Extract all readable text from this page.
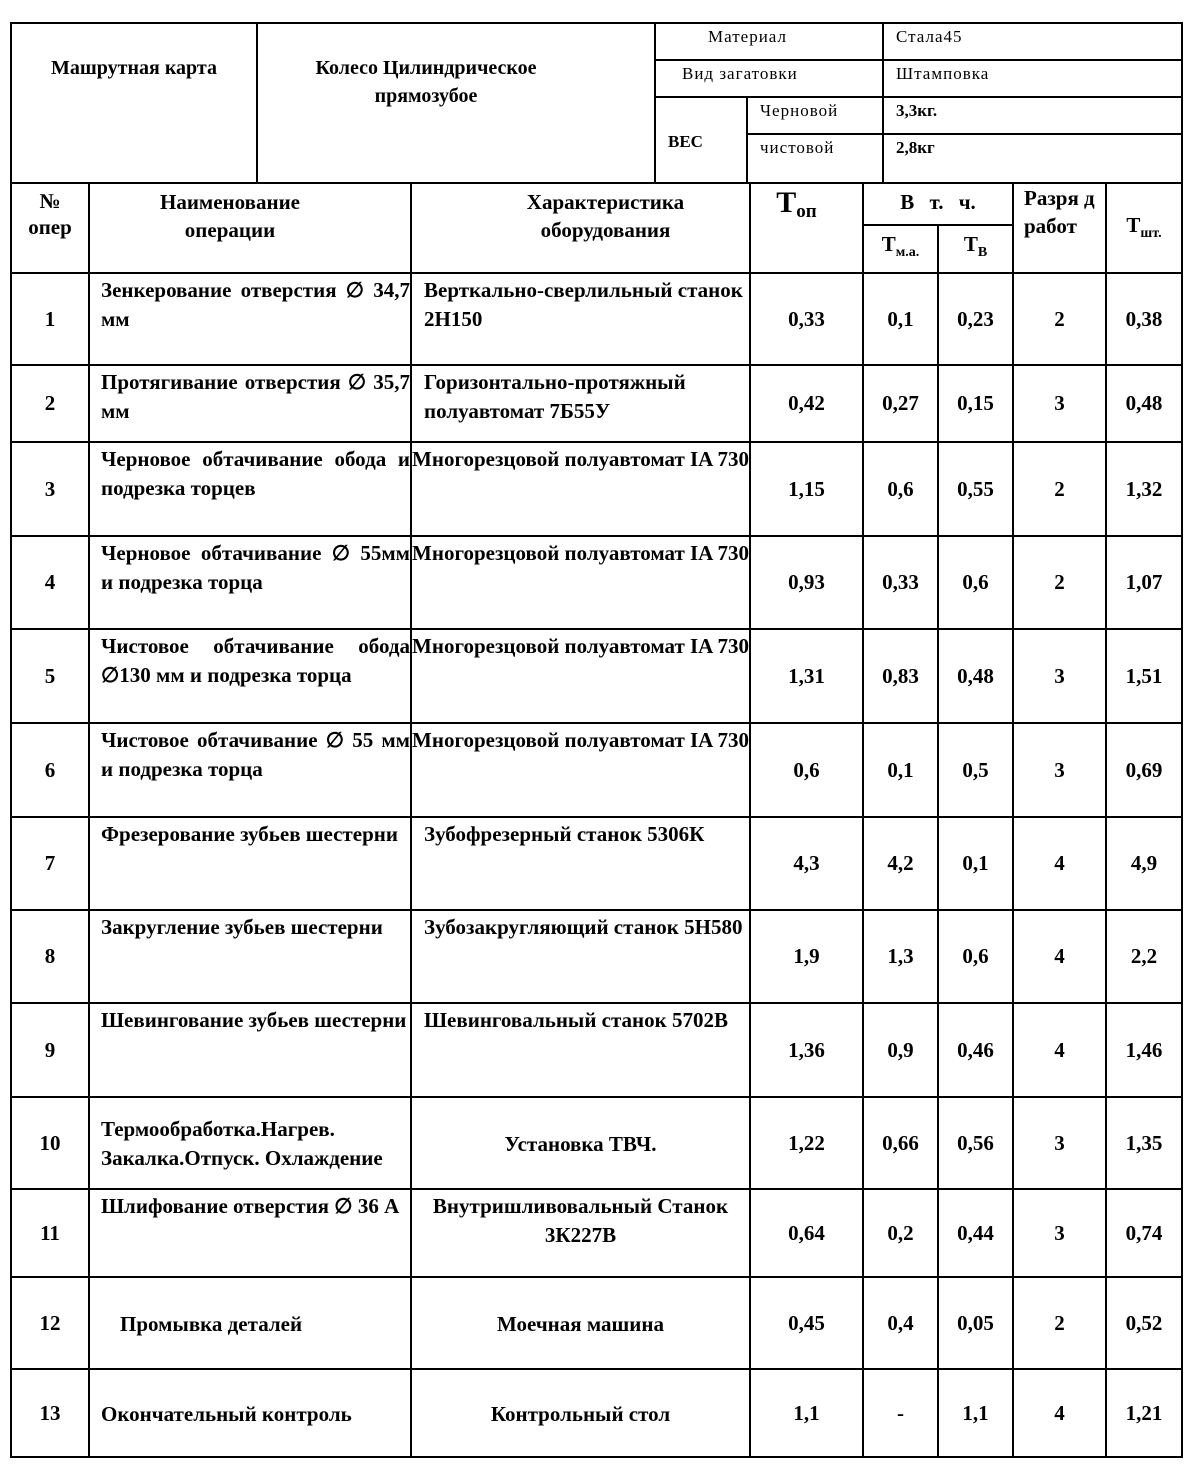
Машрутная карта	Колесо Цилиндрическое прямозубое	Материал		Стала45
		Вид загатовки		Штамповка
		ВЕС	Черновой	3,3кг.
			чистовой	2,8кг
№
опер	Наименование операции	Характеристика оборудования	$Т_{оп}$	В т. ч.		Разря д работ	$Т_{шт.}$
				$Т_{м.а.}$	$Т_В$
1	Зенкерование отверстия ∅ 34,7 мм	Верткально-сверлильный станок 2Н150	0,33	0,1	0,23	2	0,38
2	Протягивание отверстия ∅ 35,7 мм	Горизонтально-протяжный полуавтомат 7Б55У	0,42	0,27	0,15	3	0,48
3	Черновое обтачивание обода и подрезка торцев	Многорезцовой полуавтомат IA 730	1,15	0,6	0,55	2	1,32
4	Черновое обтачивание ∅ 55мм и подрезка торца	Многорезцовой полуавтомат IA 730	0,93	0,33	0,6	2	1,07
5	Чистовое обтачивание обода ∅130 мм и подрезка торца	Многорезцовой полуавтомат IA 730	1,31	0,83	0,48	3	1,51
6	Чистовое обтачивание ∅ 55 мм и подрезка торца	Многорезцовой полуавтомат IA 730	0,6	0,1	0,5	3	0,69
7	Фрезерование зубьев шестерни	Зубофрезерный станок 5306К	4,3	4,2	0,1	4	4,9
8	Закругление зубьев шестерни	Зубозакругляющий станок 5Н580	1,9	1,3	0,6	4	2,2
9	Шевингование зубьев шестерни	Шевинговальный станок 5702В	1,36	0,9	0,46	4	1,46
10	Термообработка.Нагрев. Закалка.Отпуск. Охлаждение	Установка ТВЧ.	1,22	0,66	0,56	3	1,35
11	Шлифование отверстия ∅ 36 А	Внутришливовальный Станок 3К227В	0,64	0,2	0,44	3	0,74
12	Промывка деталей	Моечная машина	0,45	0,4	0,05	2	0,52
13	Окончательный контроль	Контрольный стол	1,1	-	1,1	4	1,21
